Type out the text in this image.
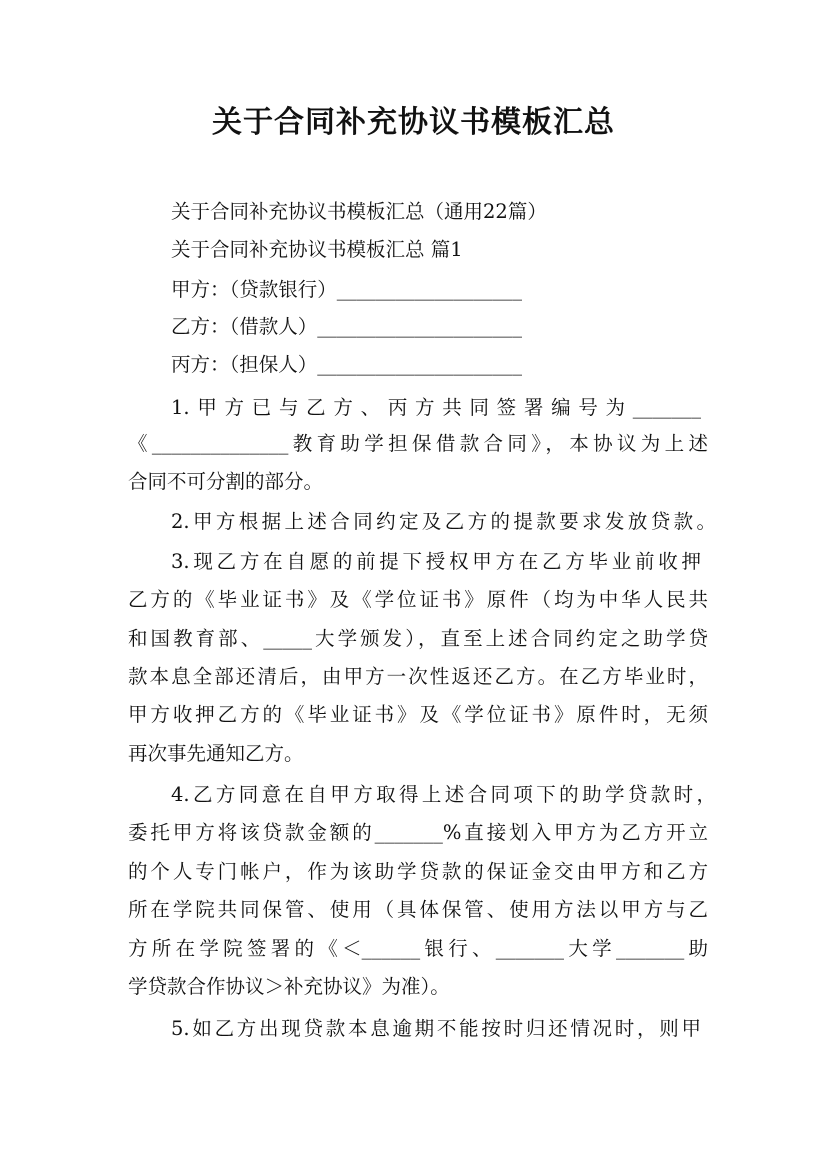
关于合同补充协议书模板汇总
关于合同补充协议书模板汇总（通用22篇）
关于合同补充协议书模板汇总 篇1
甲方：（贷款银行）___________________
乙方：（借款人）_____________________
丙方：（担保人）_____________________
1.甲方已与乙方、丙方共同签署编号为_______
《______________教育助学担保借款合同》，本协议为上述
合同不可分割的部分。
2.甲方根据上述合同约定及乙方的提款要求发放贷款。
3.现乙方在自愿的前提下授权甲方在乙方毕业前收押
乙方的《毕业证书》及《学位证书》原件（均为中华人民共
和国教育部、_____大学颁发），直至上述合同约定之助学贷
款本息全部还清后，由甲方一次性返还乙方。在乙方毕业时，
甲方收押乙方的《毕业证书》及《学位证书》原件时，无须
再次事先通知乙方。
4.乙方同意在自甲方取得上述合同项下的助学贷款时，
委托甲方将该贷款金额的_______%直接划入甲方为乙方开立
的个人专门帐户，作为该助学贷款的保证金交由甲方和乙方
所在学院共同保管、使用（具体保管、使用方法以甲方与乙
方所在学院签署的《＜______银行、_______大学_______助
学贷款合作协议＞补充协议》为准）。
5.如乙方出现贷款本息逾期不能按时归还情况时，则甲
